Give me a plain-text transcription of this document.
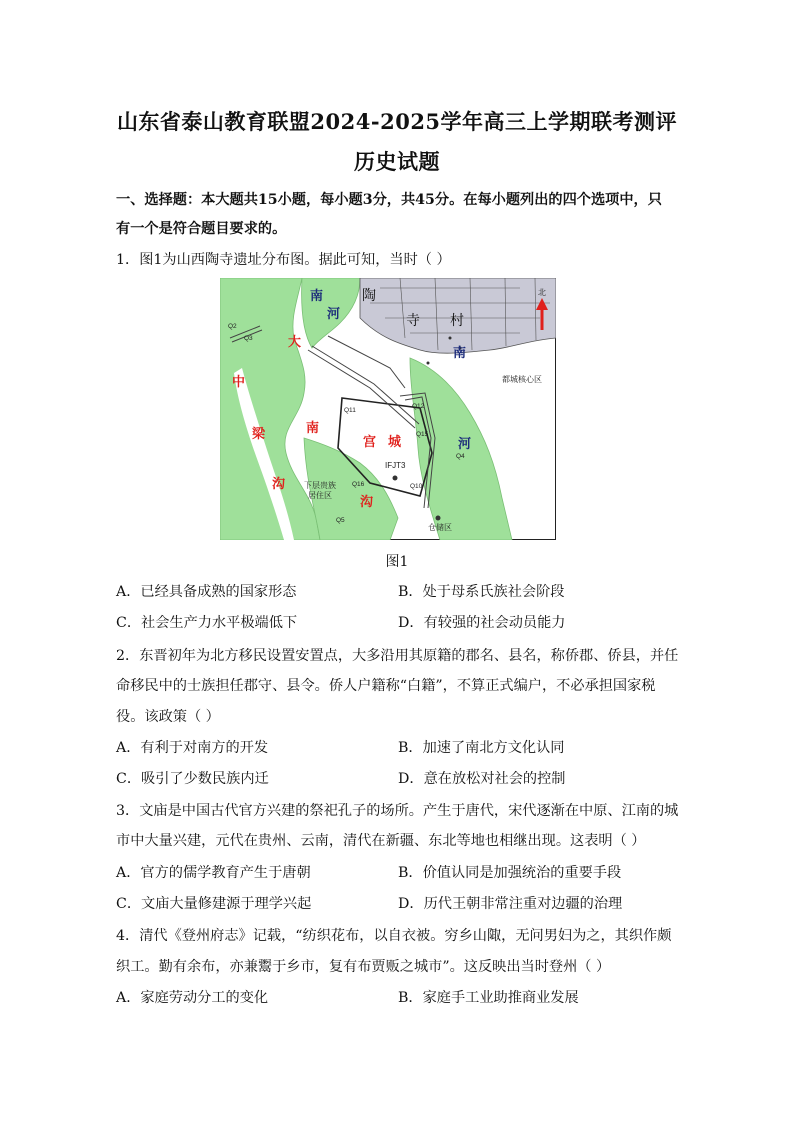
山东省泰山教育联盟2024-2025学年高三上学期联考测评
历史试题
一、选择题：本大题共15小题，每小题3分，共45分。在每小题列出的四个选项中，只
有一个是符合题目要求的。
1．图1为山西陶寺遗址分布图。据此可知，当时（ ）
南
河
南
河
大
南
中
梁
沟
沟
宫 城
陶
寺 村
都城核心区
仓储区
下层贵族
居住区
IFJT3
北
Q2
Q3
Q4
Q5
Q10
Q11
Q12
Q15
Q16
图1
A．已经具备成熟的国家形态	B．处于母系氏族社会阶段
C．社会生产力水平极端低下	D．有较强的社会动员能力
2．东晋初年为北方移民设置安置点，大多沿用其原籍的郡名、县名，称侨郡、侨县，并任
命移民中的士族担任郡守、县令。侨人户籍称“白籍”，不算正式编户，不必承担国家税
役。该政策（ ）
A．有利于对南方的开发	B．加速了南北方文化认同
C．吸引了少数民族内迁	D．意在放松对社会的控制
3．文庙是中国古代官方兴建的祭祀孔子的场所。产生于唐代，宋代逐渐在中原、江南的城
市中大量兴建，元代在贵州、云南，清代在新疆、东北等地也相继出现。这表明（ ）
A．官方的儒学教育产生于唐朝	B．价值认同是加强统治的重要手段
C．文庙大量修建源于理学兴起	D．历代王朝非常注重对边疆的治理
4．清代《登州府志》记载，“纺织花布，以自衣被。穷乡山陬，无问男妇为之，其织作颇
织工。勤有余布，亦兼鬻于乡市，复有布贾贩之城市”。这反映出当时登州（ ）
A．家庭劳动分工的变化	B．家庭手工业助推商业发展
